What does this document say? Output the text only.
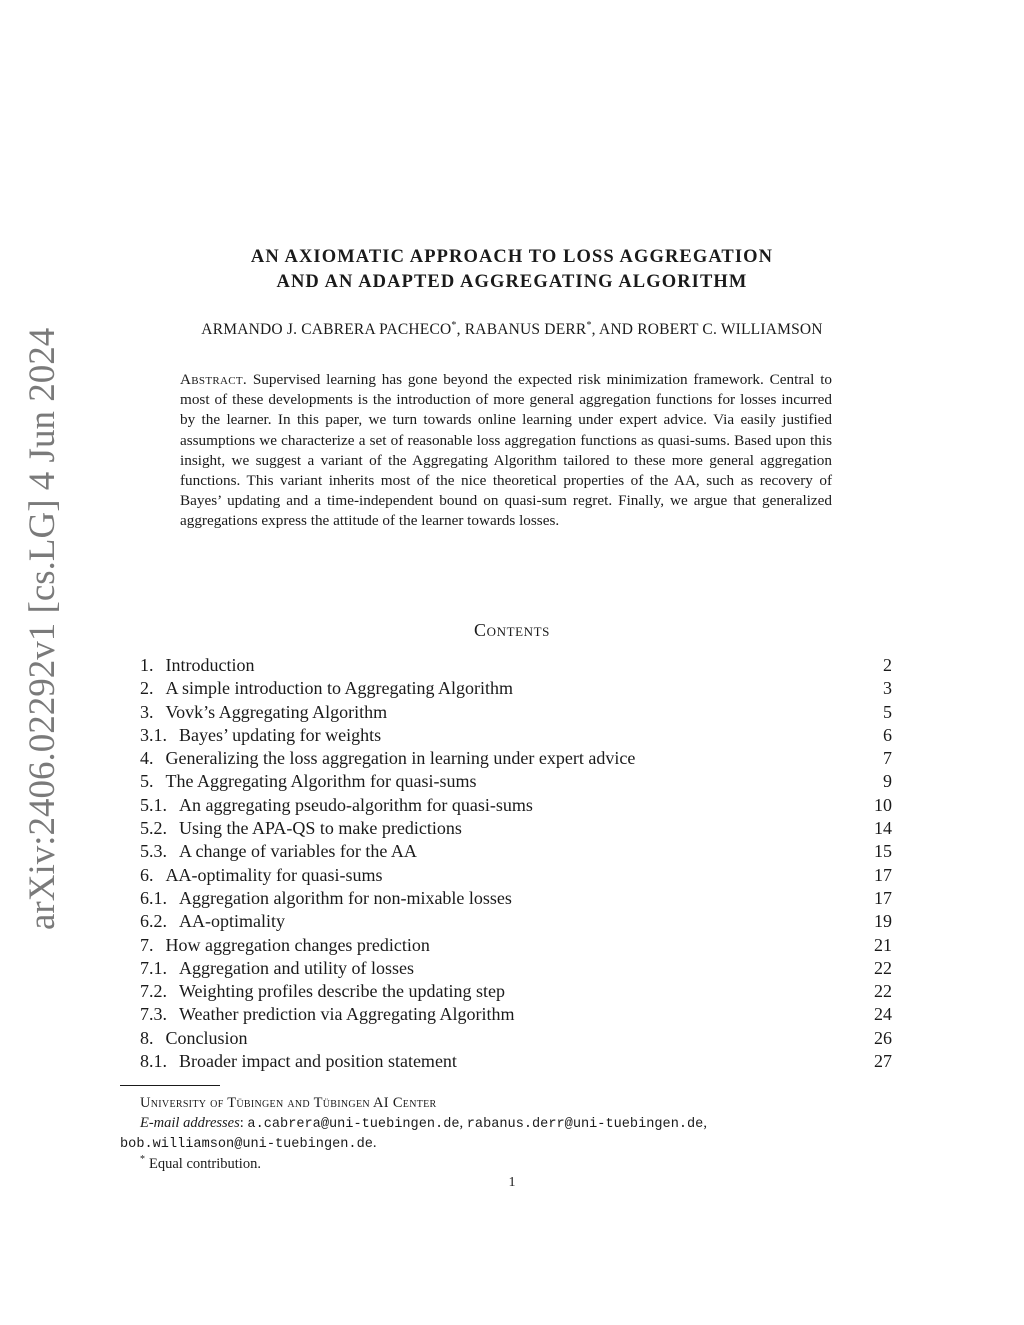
arXiv:2406.02292v1 [cs.LG] 4 Jun 2024
AN AXIOMATIC APPROACH TO LOSS AGGREGATION
AND AN ADAPTED AGGREGATING ALGORITHM
ARMANDO J. CABRERA PACHECO*, RABANUS DERR*, AND ROBERT C. WILLIAMSON
Abstract. Supervised learning has gone beyond the expected risk minimization framework. Central to most of these developments is the introduction of more general aggregation functions for losses incurred by the learner. In this paper, we turn towards online learning under expert advice. Via easily justified assumptions we characterize a set of reasonable loss aggregation functions as quasi-sums. Based upon this insight, we suggest a variant of the Aggregating Algorithm tailored to these more general aggregation functions. This variant inherits most of the nice theoretical properties of the AA, such as recovery of Bayes’ updating and a time-independent bound on quasi-sum regret. Finally, we argue that generalized aggregations express the attitude of the learner towards losses.
Contents
1. Introduction	2
2. A simple introduction to Aggregating Algorithm	3
3. Vovk’s Aggregating Algorithm	5
3.1. Bayes’ updating for weights	6
4. Generalizing the loss aggregation in learning under expert advice	7
5. The Aggregating Algorithm for quasi-sums	9
5.1. An aggregating pseudo-algorithm for quasi-sums	10
5.2. Using the APA-QS to make predictions	14
5.3. A change of variables for the AA	15
6. AA-optimality for quasi-sums	17
6.1. Aggregation algorithm for non-mixable losses	17
6.2. AA-optimality	19
7. How aggregation changes prediction	21
7.1. Aggregation and utility of losses	22
7.2. Weighting profiles describe the updating step	22
7.3. Weather prediction via Aggregating Algorithm	24
8. Conclusion	26
8.1. Broader impact and position statement	27
University of Tübingen and Tübingen AI Center
E-mail addresses: a.cabrera@uni-tuebingen.de, rabanus.derr@uni-tuebingen.de,
bob.williamson@uni-tuebingen.de.
* Equal contribution.
1
